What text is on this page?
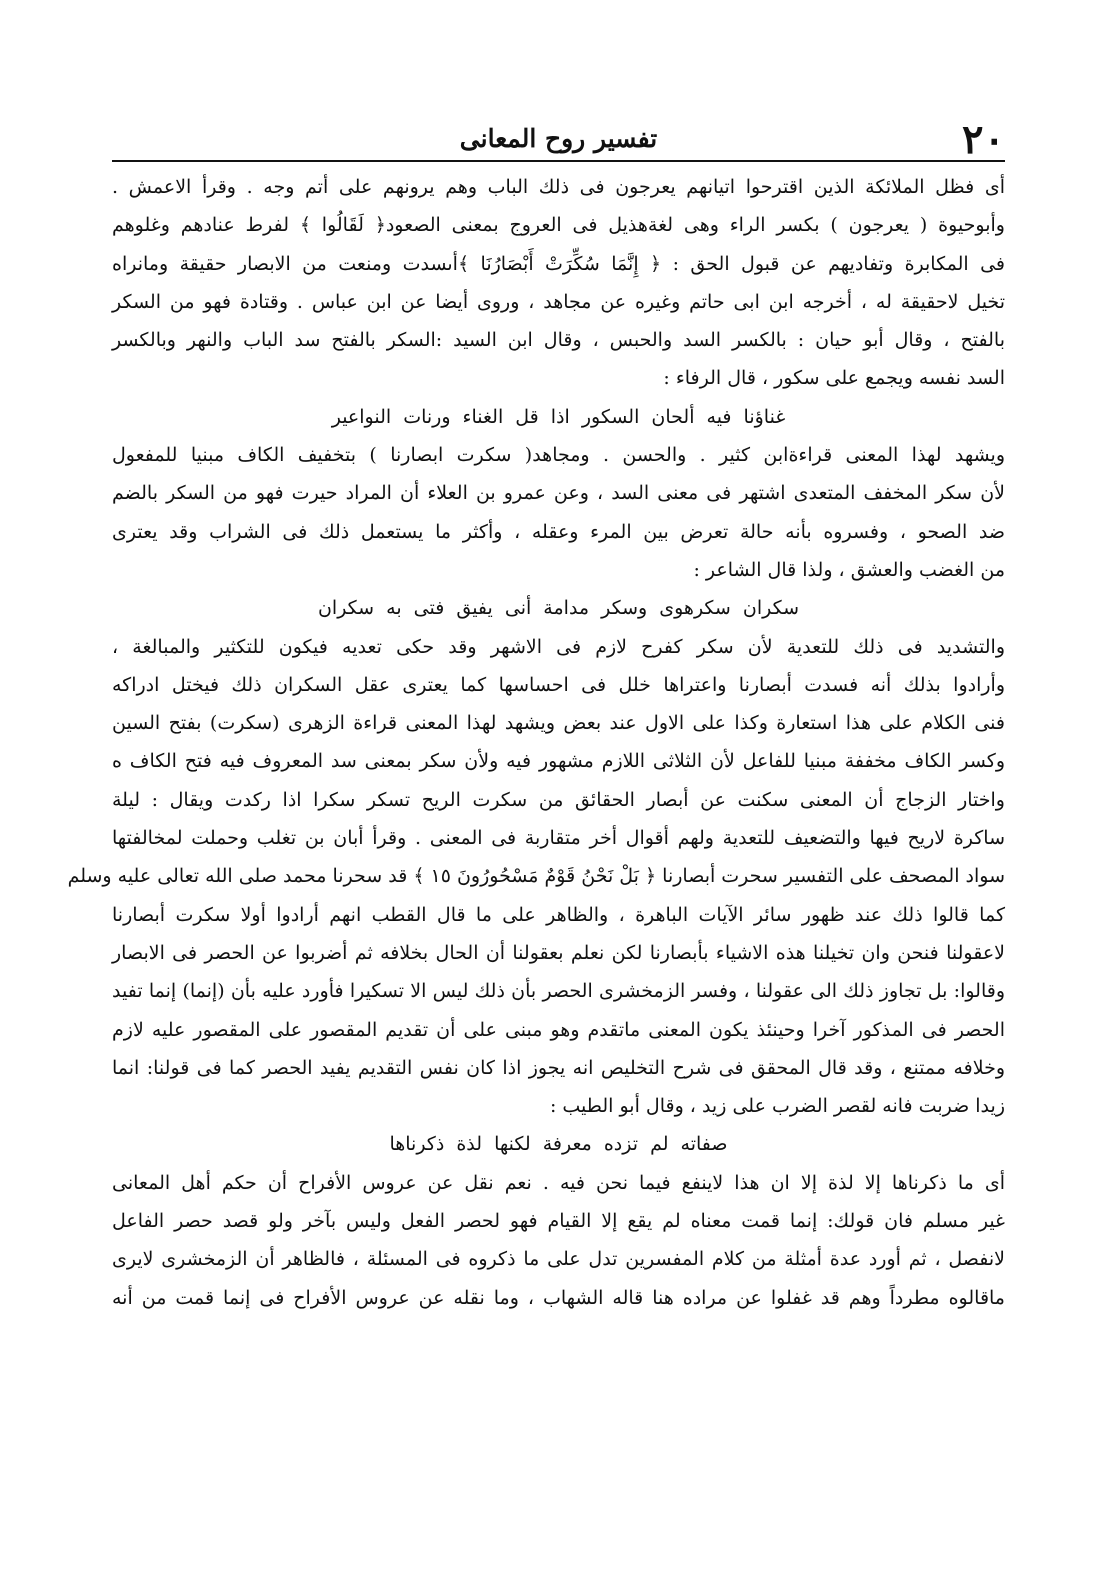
٢٠
تفسير روح المعانى
أى فظل الملائكة الذين اقترحوا اتيانهم يعرجون فى ذلك الباب وهم يرونهم على أتم وجه . وقرأ الاعمش .
وأبوحيوة ( يعرجون ) بكسر الراء وهى لغةهذيل فى العروج بمعنى الصعود﴿ لَقَالُوا ﴾ لفرط عنادهم وغلوهم
فى المكابرة وتفاديهم عن قبول الحق : ﴿ إِنَّمَا سُكِّرَتْ أَبْصَارُنَا ﴾أىسدت ومنعت من الابصار حقيقة ومانراه
تخيل لاحقيقة له ، أخرجه ابن ابى حاتم وغيره عن مجاهد ، وروى أيضا عن ابن عباس . وقتادة فهو من السكر
بالفتح ، وقال أبو حيان : بالكسر السد والحبس ، وقال ابن السيد :السكر بالفتح سد الباب والنهر وبالكسر
السد نفسه ويجمع على سكور ، قال الرفاء :
غناؤنا فيه ألحان السكور اذا قل الغناء ورنات النواعير
ويشهد لهذا المعنى قراءةابن كثير . والحسن . ومجاهد( سكرت ابصارنا ) بتخفيف الكاف مبنيا للمفعول
لأن سكر المخفف المتعدى اشتهر فى معنى السد ، وعن عمرو بن العلاء أن المراد حيرت فهو من السكر بالضم
ضد الصحو ، وفسروه بأنه حالة تعرض بين المرء وعقله ، وأكثر ما يستعمل ذلك فى الشراب وقد يعترى
من الغضب والعشق ، ولذا قال الشاعر :
سكران سكرهوى وسكر مدامة أنى يفيق فتى به سكران
والتشديد فى ذلك للتعدية لأن سكر كفرح لازم فى الاشهر وقد حكى تعديه فيكون للتكثير والمبالغة ،
وأرادوا بذلك أنه فسدت أبصارنا واعتراها خلل فى احساسها كما يعترى عقل السكران ذلك فيختل ادراكه
فنى الكلام على هذا استعارة وكذا على الاول عند بعض ويشهد لهذا المعنى قراءة الزهرى (سكرت) بفتح السين
وكسر الكاف مخففة مبنيا للفاعل لأن الثلاثى اللازم مشهور فيه ولأن سكر بمعنى سد المعروف فيه فتح الكاف ه
واختار الزجاج أن المعنى سكنت عن أبصار الحقائق من سكرت الريح تسكر سكرا اذا ركدت ويقال : ليلة
ساكرة لاريح فيها والتضعيف للتعدية ولهم أقوال أخر متقاربة فى المعنى . وقرأ أبان بن تغلب وحملت لمخالفتها
سواد المصحف على التفسير سحرت أبصارنا ﴿ بَلْ نَحْنُ قَوْمٌ مَسْحُورُونَ ١٥ ﴾ قد سحرنا محمد صلى الله تعالى عليه وسلم
كما قالوا ذلك عند ظهور سائر الآيات الباهرة ، والظاهر على ما قال القطب انهم أرادوا أولا سكرت أبصارنا
لاعقولنا فنحن وان تخيلنا هذه الاشياء بأبصارنا لكن نعلم بعقولنا أن الحال بخلافه ثم أضربوا عن الحصر فى الابصار
وقالوا: بل تجاوز ذلك الى عقولنا ، وفسر الزمخشرى الحصر بأن ذلك ليس الا تسكيرا فأورد عليه بأن (إنما) إنما تفيد
الحصر فى المذكور آخرا وحينئذ يكون المعنى ماتقدم وهو مبنى على أن تقديم المقصور على المقصور عليه لازم
وخلافه ممتنع ، وقد قال المحقق فى شرح التخليص انه يجوز اذا كان نفس التقديم يفيد الحصر كما فى قولنا: انما
زيدا ضربت فانه لقصر الضرب على زيد ، وقال أبو الطيب :
صفاته لم تزده معرفة لكنها لذة ذكرناها
أى ما ذكرناها إلا لذة إلا ان هذا لاينفع فيما نحن فيه . نعم نقل عن عروس الأفراح أن حكم أهل المعانى
غير مسلم فان قولك: إنما قمت معناه لم يقع إلا القيام فهو لحصر الفعل وليس بآخر ولو قصد حصر الفاعل
لانفصل ، ثم أورد عدة أمثلة من كلام المفسرين تدل على ما ذكروه فى المسئلة ، فالظاهر أن الزمخشرى لايرى
ماقالوه مطرداً وهم قد غفلوا عن مراده هنا قاله الشهاب ، وما نقله عن عروس الأفراح فى إنما قمت من أنه
